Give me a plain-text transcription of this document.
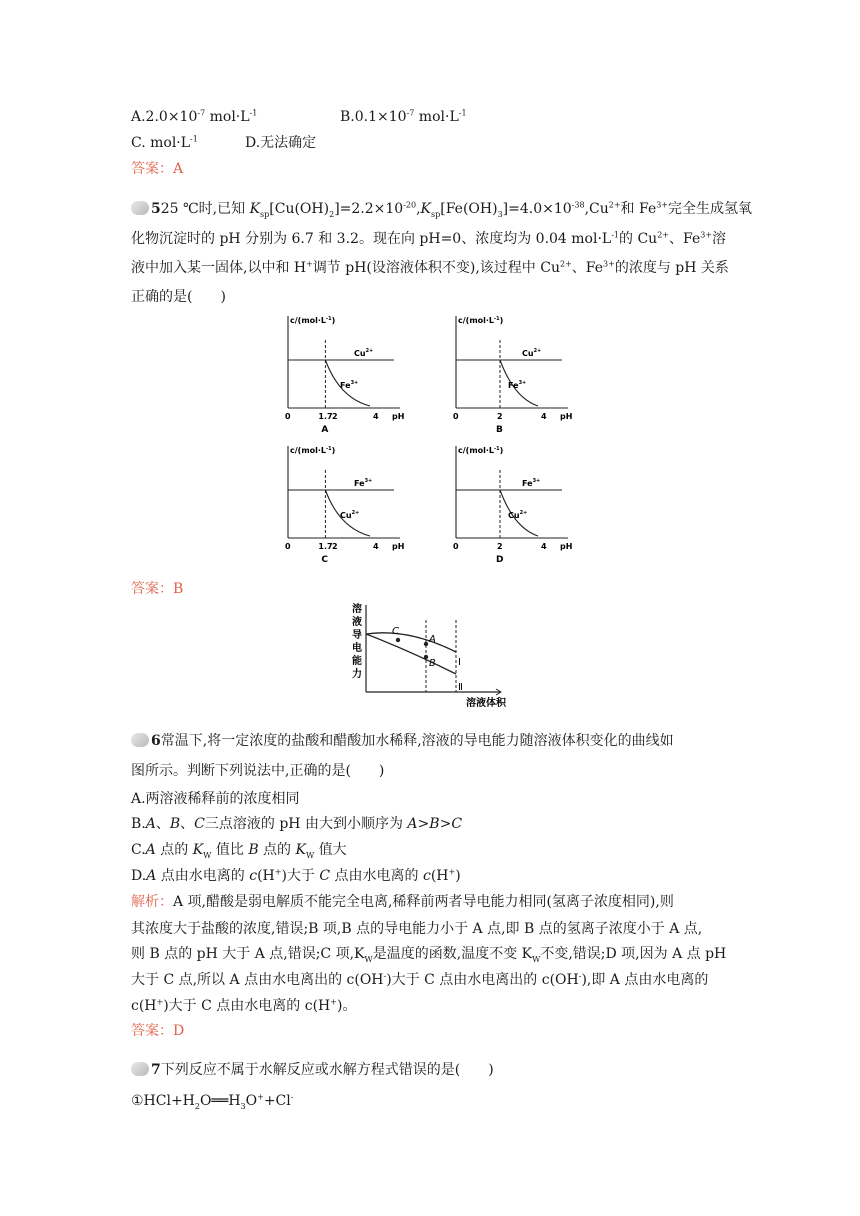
$A.2.0\times 10^{-7}$ $mol\cdot L^{-1}$	$B.0.1\times 10^{-7}$ $mol\cdot L^{-1}$
C. $mol\cdot L^{-1}$	D.无法确定
答案：A
525 ℃时,已知 $K_{sp}[Cu(OH)_2]=2.2\times 10^{-20},K_{sp}[Fe(OH)_3]=4.0\times 10^{-38},Cu^{2+}$和 $Fe^{3+}$完全生成氢氧
化物沉淀时的 pH 分别为 6.7 和 3.2。现在向 pH=0、浓度均为 0.04 $mol\cdot L^{-1}$的 $Cu^{2+}$、$Fe^{3+}$溶
液中加入某一固体,以中和 H+调节 pH(设溶液体积不变),该过程中 $Cu^{2+}$、$Fe^{3+}$的浓度与 pH 关系
正确的是(　　)
$c/(mol\cdot L^{-1})$
$Cu^{2+}$
$Fe^{3+}$
0	1.7 2	4 pH
A
$c/(mol\cdot L^{-1})$
$Cu^{2+}$
$Fe^{3+}$
0	2	4 pH
B
$c/(mol\cdot L^{-1})$
$Fe^{3+}$
$Cu^{2+}$
0	1.7 2	4 pH
C
$c/(mol\cdot L^{-1})$
$Fe^{3+}$
$Cu^{2+}$
0	2	4 pH
D
答案：B
溶
液
导
电
能
力
C
A
B Ⅰ
Ⅱ
溶液体积
6常温下,将一定浓度的盐酸和醋酸加水稀释,溶液的导电能力随溶液体积变化的曲线如
图所示。判断下列说法中,正确的是(　　)
A.两溶液稀释前的浓度相同
B.A、B、C三点溶液的 pH 由大到小顺序为 A>B>C
C.A 点的 $K_W$ 值比 B 点的 $K_W$ 值大
D.A 点由水电离的 c(H+)大于 C 点由水电离的 c(H+)
解析：A 项,醋酸是弱电解质不能完全电离,稀释前两者导电能力相同(氢离子浓度相同),则
其浓度大于盐酸的浓度,错误;B 项,B 点的导电能力小于 A 点,即 B 点的氢离子浓度小于 A 点,
则 B 点的 pH 大于 A 点,错误;C 项$,K_W$是温度的函数,温度不变 $K_W$不变,错误;D 项,因为 A 点 pH
大于 C 点,所以 A 点由水电离出的 c(OH-)大于 C 点由水电离出的 c(OH-),即 A 点由水电离的
c(H+)大于 C 点由水电离的 c(H+)。
答案：D
7下列反应不属于水解反应或水解方程式错误的是(　　)
$①HCl+H_2O══H_3O^++Cl^-$
